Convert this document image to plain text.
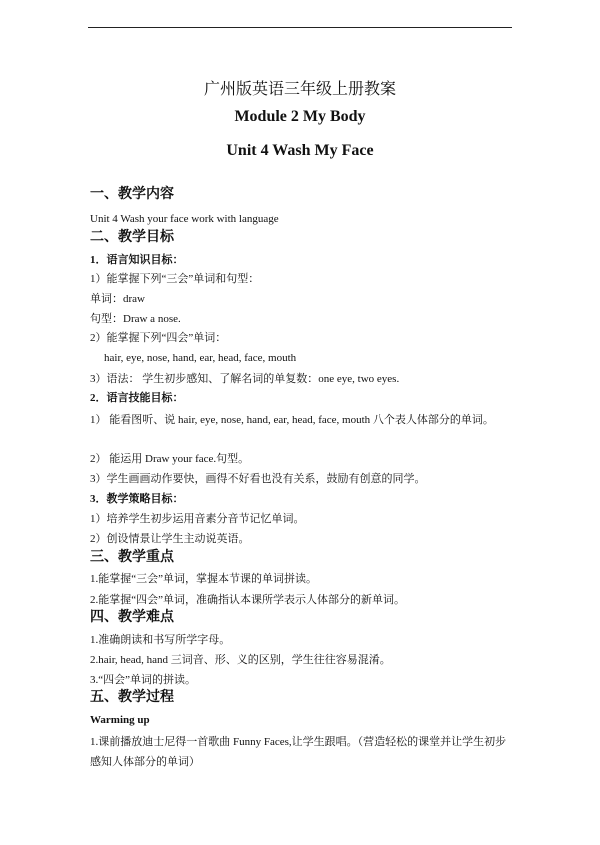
广州版英语三年级上册教案
Module 2 My Body
Unit 4 Wash My Face
一、教学内容
Unit 4 Wash your face work with language
二、教学目标
1．语言知识目标：
1）能掌握下列“三会”单词和句型：
单词：draw
句型：Draw a nose.
2）能掌握下列“四会”单词：
hair, eye, nose, hand, ear, head, face, mouth
3）语法： 学生初步感知、了解名词的单复数：one eye, two eyes.
2．语言技能目标：
1） 能看图听、说 hair, eye, nose, hand, ear, head, face, mouth 八个表人体部分的单词。
2） 能运用 Draw your face.句型。
3）学生画画动作要快，画得不好看也没有关系，鼓励有创意的同学。
3．教学策略目标：
1）培养学生初步运用音素分音节记忆单词。
2）创设情景让学生主动说英语。
三、教学重点
1.能掌握“三会”单词，掌握本节课的单词拼读。
2.能掌握“四会”单词，准确指认本课所学表示人体部分的新单词。
四、教学难点
1.准确朗读和书写所学字母。
2.hair, head, hand 三词音、形、义的区别，学生往往容易混淆。
3.“四会”单词的拼读。
五、教学过程
Warming up
1.课前播放迪士尼得一首歌曲 Funny Faces,让学生跟唱。（营造轻松的课堂并让学生初步感知人体部分的单词）
